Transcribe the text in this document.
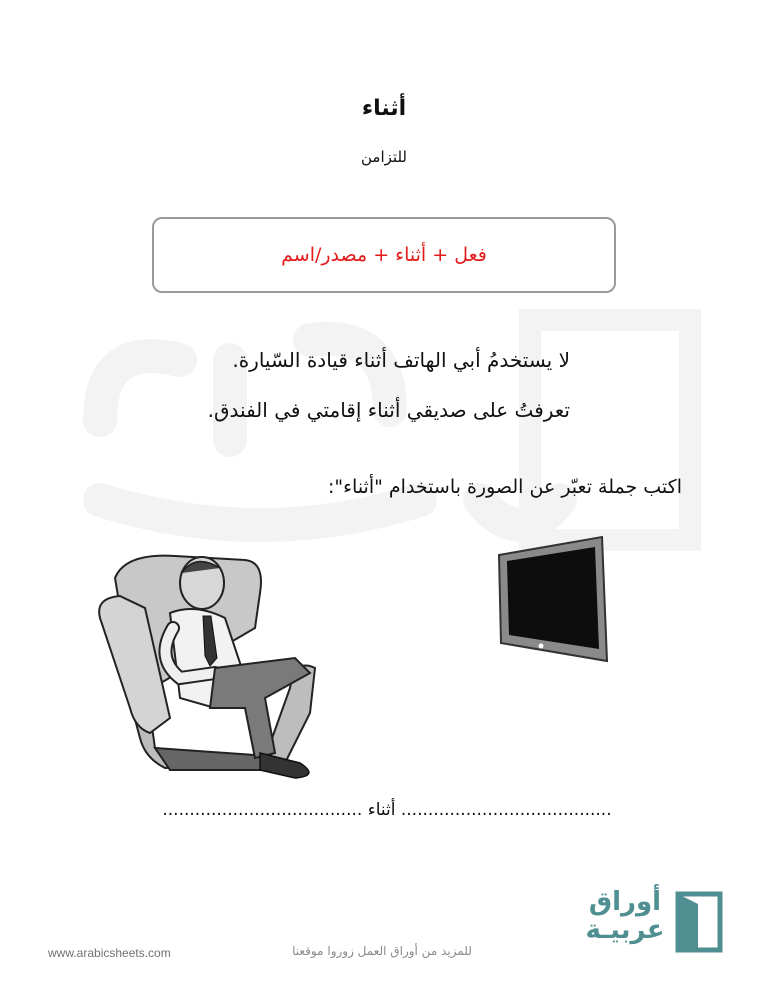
أثناء
للتزامن
فعل + أثناء + مصدر/اسم
لا يستخدمُ أبي الهاتف أثناء قيادة السّيارة.
تعرفتُ على صديقي أثناء إقامتي في الفندق.
اكتب جملة تعبّر عن الصورة باستخدام "أثناء":
....................................... أثناء .....................................
www.arabicsheets.com	للمزيد من أوراق العمل زوروا موقعنا
أوراق
عربيـة
